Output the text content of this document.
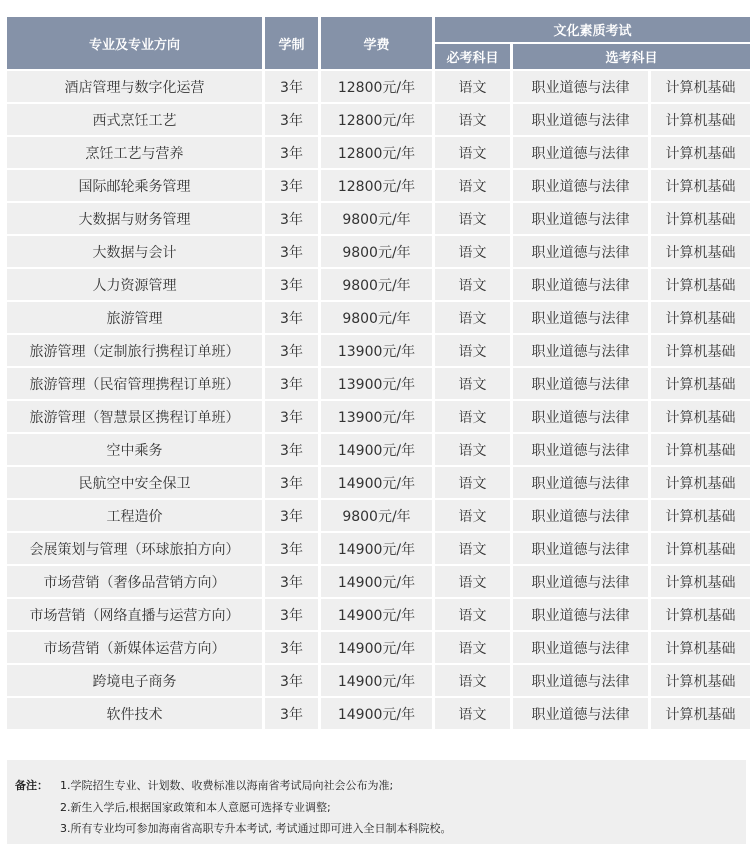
专业及专业方向	学制	学费	文化素质考试		
			必考科目	选考科目	
酒店管理与数字化运营	3年	12800元/年	语文	职业道德与法律	计算机基础
西式烹饪工艺	3年	12800元/年	语文	职业道德与法律	计算机基础
烹饪工艺与营养	3年	12800元/年	语文	职业道德与法律	计算机基础
国际邮轮乘务管理	3年	12800元/年	语文	职业道德与法律	计算机基础
大数据与财务管理	3年	9800元/年	语文	职业道德与法律	计算机基础
大数据与会计	3年	9800元/年	语文	职业道德与法律	计算机基础
人力资源管理	3年	9800元/年	语文	职业道德与法律	计算机基础
旅游管理	3年	9800元/年	语文	职业道德与法律	计算机基础
旅游管理（定制旅行携程订单班）	3年	13900元/年	语文	职业道德与法律	计算机基础
旅游管理（民宿管理携程订单班）	3年	13900元/年	语文	职业道德与法律	计算机基础
旅游管理（智慧景区携程订单班）	3年	13900元/年	语文	职业道德与法律	计算机基础
空中乘务	3年	14900元/年	语文	职业道德与法律	计算机基础
民航空中安全保卫	3年	14900元/年	语文	职业道德与法律	计算机基础
工程造价	3年	9800元/年	语文	职业道德与法律	计算机基础
会展策划与管理（环球旅拍方向）	3年	14900元/年	语文	职业道德与法律	计算机基础
市场营销（奢侈品营销方向）	3年	14900元/年	语文	职业道德与法律	计算机基础
市场营销（网络直播与运营方向）	3年	14900元/年	语文	职业道德与法律	计算机基础
市场营销（新媒体运营方向）	3年	14900元/年	语文	职业道德与法律	计算机基础
跨境电子商务	3年	14900元/年	语文	职业道德与法律	计算机基础
软件技术	3年	14900元/年	语文	职业道德与法律	计算机基础
备注： 1.学院招生专业、计划数、收费标准以海南省考试局向社会公布为准;
2.新生入学后,根据国家政策和本人意愿可选择专业调整;
3.所有专业均可参加海南省高职专升本考试, 考试通过即可进入全日制本科院校。
